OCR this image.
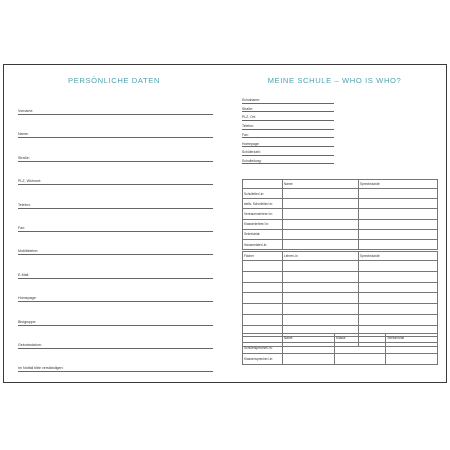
PERSÖNLICHE DATEN	MEINE SCHULE – WHO IS WHO?
Vorname:
Name:
Straße:
PLZ, Wohnort:
Telefon:
Fax:
Mobiltelefon:
E-Mail:
Homepage:
Blutgruppe:
Geburtsdatum:
Im Notfall bitte verständigen:
Schulname:
Straße:
PLZ, Ort:
Telefon:
Fax:
Homepage:
Schülerzahl:
Schulleitung:
	Name	Sprechstunde
Schulleiter/-in:		
stellv. Schulleiter/-in:		
Vertrauenslehrer/-in:		
Klassenlehrer/-in:		
Sekretariat:		
Hausmeister/-in:		
Fächer	Lehrer/-in	Sprechstunde

	Name	Klasse	Telefon/Mail
Schülersprecher/-in:			
Klassensprecher/-in:			
